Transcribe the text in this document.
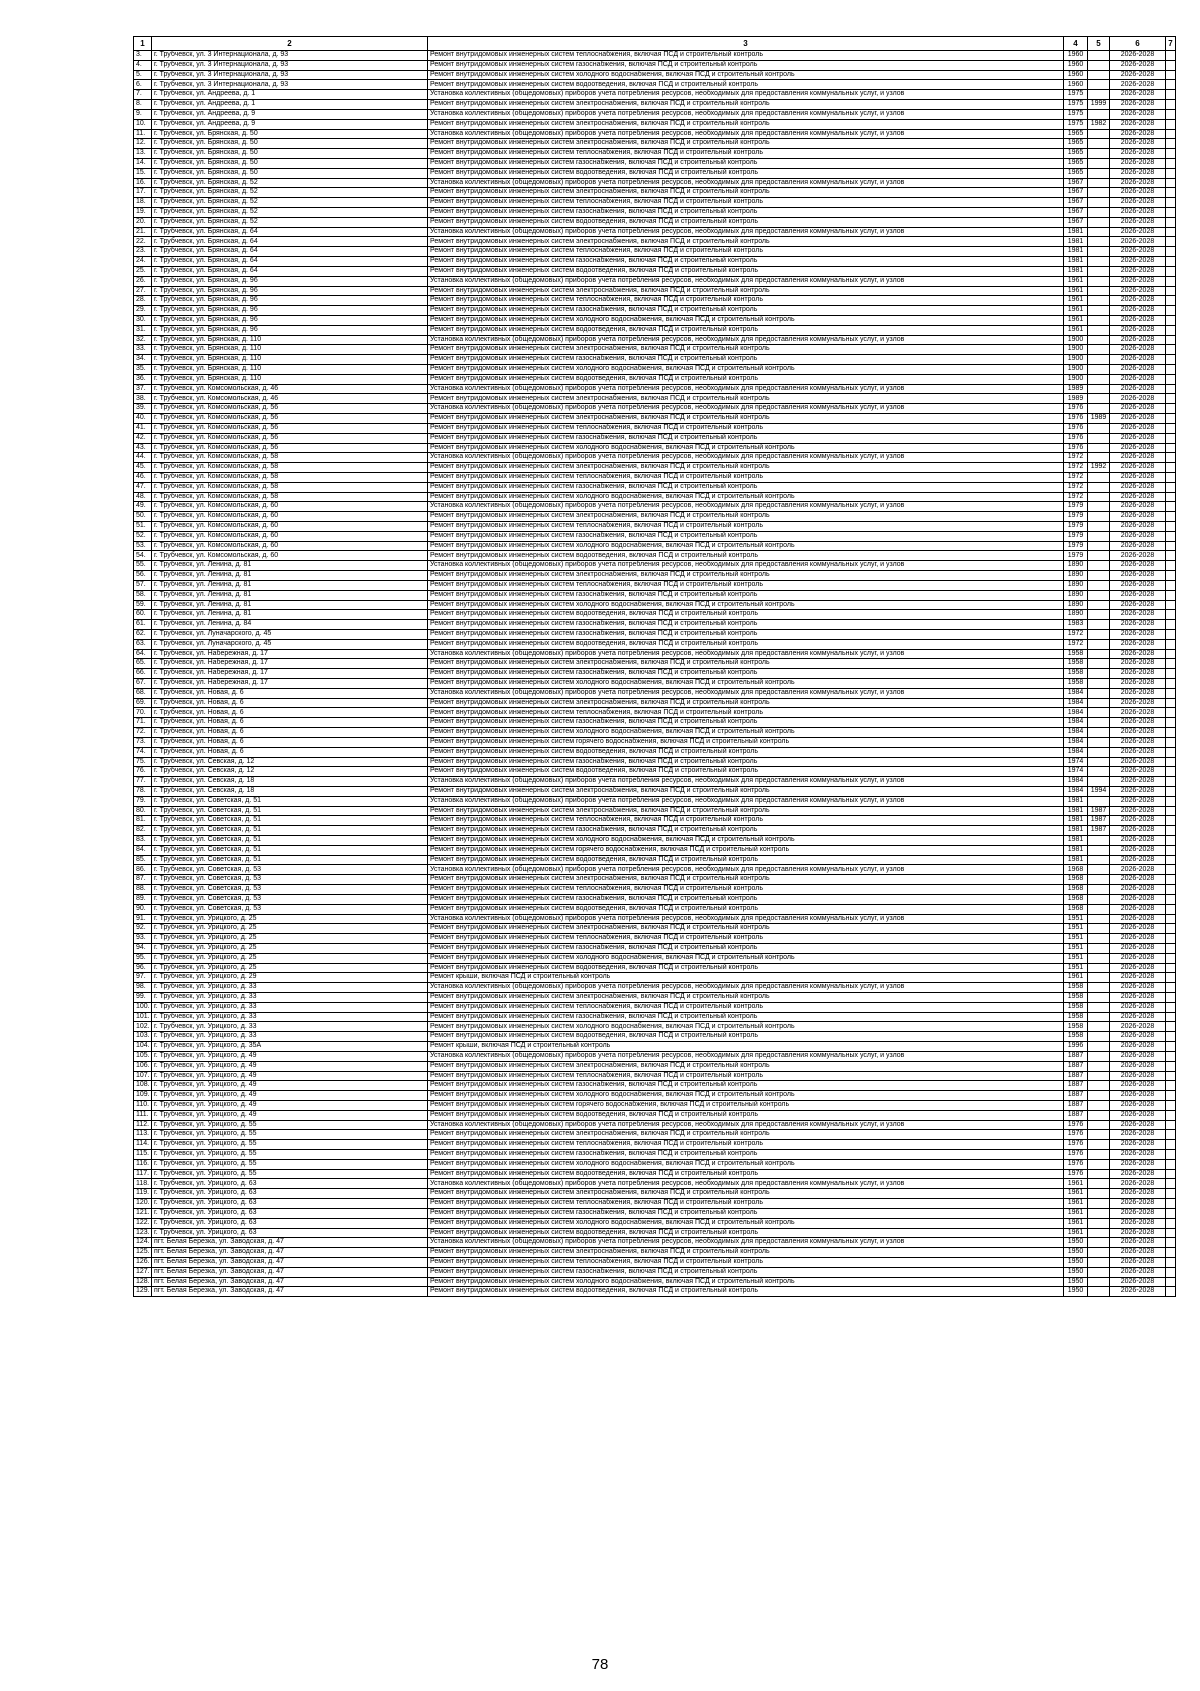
1	2	3	4	5	6	7
3.	г. Трубчевск, ул. 3 Интернационала, д. 93	Ремонт внутридомовых инженерных систем теплоснабжения, включая ПСД и строительный контроль	1960		2026-2028	
4.	г. Трубчевск, ул. 3 Интернационала, д. 93	Ремонт внутридомовых инженерных систем газоснабжения, включая ПСД и строительный контроль	1960		2026-2028	
5.	г. Трубчевск, ул. 3 Интернационала, д. 93	Ремонт внутридомовых инженерных систем холодного водоснабжения, включая ПСД и строительный контроль	1960		2026-2028	
6.	г. Трубчевск, ул. 3 Интернационала, д. 93	Ремонт внутридомовых инженерных систем водоотведения, включая ПСД и строительный контроль	1960		2026-2028	
7.	г. Трубчевск, ул. Андреева, д. 1	Установка коллективных (общедомовых) приборов учета потребления ресурсов, необходимых для предоставления коммунальных услуг, и узлов	1975		2026-2028	
8.	г. Трубчевск, ул. Андреева, д. 1	Ремонт внутридомовых инженерных систем электроснабжения, включая ПСД и строительный контроль	1975	1999	2026-2028	
9.	г. Трубчевск, ул. Андреева, д. 9	Установка коллективных (общедомовых) приборов учета потребления ресурсов, необходимых для предоставления коммунальных услуг, и узлов	1975		2026-2028	
10.	г. Трубчевск, ул. Андреева, д. 9	Ремонт внутридомовых инженерных систем электроснабжения, включая ПСД и строительный контроль	1975	1982	2026-2028	
11.	г. Трубчевск, ул. Брянская, д. 50	Установка коллективных (общедомовых) приборов учета потребления ресурсов, необходимых для предоставления коммунальных услуг, и узлов	1965		2026-2028	
12.	г. Трубчевск, ул. Брянская, д. 50	Ремонт внутридомовых инженерных систем электроснабжения, включая ПСД и строительный контроль	1965		2026-2028	
13.	г. Трубчевск, ул. Брянская, д. 50	Ремонт внутридомовых инженерных систем теплоснабжения, включая ПСД и строительный контроль	1965		2026-2028	
14.	г. Трубчевск, ул. Брянская, д. 50	Ремонт внутридомовых инженерных систем газоснабжения, включая ПСД и строительный контроль	1965		2026-2028	
15.	г. Трубчевск, ул. Брянская, д. 50	Ремонт внутридомовых инженерных систем водоотведения, включая ПСД и строительный контроль	1965		2026-2028	
16.	г. Трубчевск, ул. Брянская, д. 52	Установка коллективных (общедомовых) приборов учета потребления ресурсов, необходимых для предоставления коммунальных услуг, и узлов	1967		2026-2028	
17.	г. Трубчевск, ул. Брянская, д. 52	Ремонт внутридомовых инженерных систем электроснабжения, включая ПСД и строительный контроль	1967		2026-2028	
18.	г. Трубчевск, ул. Брянская, д. 52	Ремонт внутридомовых инженерных систем теплоснабжения, включая ПСД и строительный контроль	1967		2026-2028	
19.	г. Трубчевск, ул. Брянская, д. 52	Ремонт внутридомовых инженерных систем газоснабжения, включая ПСД и строительный контроль	1967		2026-2028	
20.	г. Трубчевск, ул. Брянская, д. 52	Ремонт внутридомовых инженерных систем водоотведения, включая ПСД и строительный контроль	1967		2026-2028	
21.	г. Трубчевск, ул. Брянская, д. 64	Установка коллективных (общедомовых) приборов учета потребления ресурсов, необходимых для предоставления коммунальных услуг, и узлов	1981		2026-2028	
22.	г. Трубчевск, ул. Брянская, д. 64	Ремонт внутридомовых инженерных систем электроснабжения, включая ПСД и строительный контроль	1981		2026-2028	
23.	г. Трубчевск, ул. Брянская, д. 64	Ремонт внутридомовых инженерных систем теплоснабжения, включая ПСД и строительный контроль	1981		2026-2028	
24.	г. Трубчевск, ул. Брянская, д. 64	Ремонт внутридомовых инженерных систем газоснабжения, включая ПСД и строительный контроль	1981		2026-2028	
25.	г. Трубчевск, ул. Брянская, д. 64	Ремонт внутридомовых инженерных систем водоотведения, включая ПСД и строительный контроль	1981		2026-2028	
26.	г. Трубчевск, ул. Брянская, д. 96	Установка коллективных (общедомовых) приборов учета потребления ресурсов, необходимых для предоставления коммунальных услуг, и узлов	1961		2026-2028	
27.	г. Трубчевск, ул. Брянская, д. 96	Ремонт внутридомовых инженерных систем электроснабжения, включая ПСД и строительный контроль	1961		2026-2028	
28.	г. Трубчевск, ул. Брянская, д. 96	Ремонт внутридомовых инженерных систем теплоснабжения, включая ПСД и строительный контроль	1961		2026-2028	
29.	г. Трубчевск, ул. Брянская, д. 96	Ремонт внутридомовых инженерных систем газоснабжения, включая ПСД и строительный контроль	1961		2026-2028	
30.	г. Трубчевск, ул. Брянская, д. 96	Ремонт внутридомовых инженерных систем холодного водоснабжения, включая ПСД и строительный контроль	1961		2026-2028	
31.	г. Трубчевск, ул. Брянская, д. 96	Ремонт внутридомовых инженерных систем водоотведения, включая ПСД и строительный контроль	1961		2026-2028	
32.	г. Трубчевск, ул. Брянская, д. 110	Установка коллективных (общедомовых) приборов учета потребления ресурсов, необходимых для предоставления коммунальных услуг, и узлов	1900		2026-2028	
33.	г. Трубчевск, ул. Брянская, д. 110	Ремонт внутридомовых инженерных систем электроснабжения, включая ПСД и строительный контроль	1900		2026-2028	
34.	г. Трубчевск, ул. Брянская, д. 110	Ремонт внутридомовых инженерных систем газоснабжения, включая ПСД и строительный контроль	1900		2026-2028	
35.	г. Трубчевск, ул. Брянская, д. 110	Ремонт внутридомовых инженерных систем холодного водоснабжения, включая ПСД и строительный контроль	1900		2026-2028	
36.	г. Трубчевск, ул. Брянская, д. 110	Ремонт внутридомовых инженерных систем водоотведения, включая ПСД и строительный контроль	1900		2026-2028	
37.	г. Трубчевск, ул. Комсомольская, д. 46	Установка коллективных (общедомовых) приборов учета потребления ресурсов, необходимых для предоставления коммунальных услуг, и узлов	1989		2026-2028	
38.	г. Трубчевск, ул. Комсомольская, д. 46	Ремонт внутридомовых инженерных систем электроснабжения, включая ПСД и строительный контроль	1989		2026-2028	
39.	г. Трубчевск, ул. Комсомольская, д. 56	Установка коллективных (общедомовых) приборов учета потребления ресурсов, необходимых для предоставления коммунальных услуг, и узлов	1976		2026-2028	
40.	г. Трубчевск, ул. Комсомольская, д. 56	Ремонт внутридомовых инженерных систем электроснабжения, включая ПСД и строительный контроль	1976	1989	2026-2028	
41.	г. Трубчевск, ул. Комсомольская, д. 56	Ремонт внутридомовых инженерных систем теплоснабжения, включая ПСД и строительный контроль	1976		2026-2028	
42.	г. Трубчевск, ул. Комсомольская, д. 56	Ремонт внутридомовых инженерных систем газоснабжения, включая ПСД и строительный контроль	1976		2026-2028	
43.	г. Трубчевск, ул. Комсомольская, д. 56	Ремонт внутридомовых инженерных систем холодного водоснабжения, включая ПСД и строительный контроль	1976		2026-2028	
44.	г. Трубчевск, ул. Комсомольская, д. 58	Установка коллективных (общедомовых) приборов учета потребления ресурсов, необходимых для предоставления коммунальных услуг, и узлов	1972		2026-2028	
45.	г. Трубчевск, ул. Комсомольская, д. 58	Ремонт внутридомовых инженерных систем электроснабжения, включая ПСД и строительный контроль	1972	1992	2026-2028	
46.	г. Трубчевск, ул. Комсомольская, д. 58	Ремонт внутридомовых инженерных систем теплоснабжения, включая ПСД и строительный контроль	1972		2026-2028	
47.	г. Трубчевск, ул. Комсомольская, д. 58	Ремонт внутридомовых инженерных систем газоснабжения, включая ПСД и строительный контроль	1972		2026-2028	
48.	г. Трубчевск, ул. Комсомольская, д. 58	Ремонт внутридомовых инженерных систем холодного водоснабжения, включая ПСД и строительный контроль	1972		2026-2028	
49.	г. Трубчевск, ул. Комсомольская, д. 60	Установка коллективных (общедомовых) приборов учета потребления ресурсов, необходимых для предоставления коммунальных услуг, и узлов	1979		2026-2028	
50.	г. Трубчевск, ул. Комсомольская, д. 60	Ремонт внутридомовых инженерных систем электроснабжения, включая ПСД и строительный контроль	1979		2026-2028	
51.	г. Трубчевск, ул. Комсомольская, д. 60	Ремонт внутридомовых инженерных систем теплоснабжения, включая ПСД и строительный контроль	1979		2026-2028	
52.	г. Трубчевск, ул. Комсомольская, д. 60	Ремонт внутридомовых инженерных систем газоснабжения, включая ПСД и строительный контроль	1979		2026-2028	
53.	г. Трубчевск, ул. Комсомольская, д. 60	Ремонт внутридомовых инженерных систем холодного водоснабжения, включая ПСД и строительный контроль	1979		2026-2028	
54.	г. Трубчевск, ул. Комсомольская, д. 60	Ремонт внутридомовых инженерных систем водоотведения, включая ПСД и строительный контроль	1979		2026-2028	
55.	г. Трубчевск, ул. Ленина, д. 81	Установка коллективных (общедомовых) приборов учета потребления ресурсов, необходимых для предоставления коммунальных услуг, и узлов	1890		2026-2028	
56.	г. Трубчевск, ул. Ленина, д. 81	Ремонт внутридомовых инженерных систем электроснабжения, включая ПСД и строительный контроль	1890		2026-2028	
57.	г. Трубчевск, ул. Ленина, д. 81	Ремонт внутридомовых инженерных систем теплоснабжения, включая ПСД и строительный контроль	1890		2026-2028	
58.	г. Трубчевск, ул. Ленина, д. 81	Ремонт внутридомовых инженерных систем газоснабжения, включая ПСД и строительный контроль	1890		2026-2028	
59.	г. Трубчевск, ул. Ленина, д. 81	Ремонт внутридомовых инженерных систем холодного водоснабжения, включая ПСД и строительный контроль	1890		2026-2028	
60.	г. Трубчевск, ул. Ленина, д. 81	Ремонт внутридомовых инженерных систем водоотведения, включая ПСД и строительный контроль	1890		2026-2028	
61.	г. Трубчевск, ул. Ленина, д. 84	Ремонт внутридомовых инженерных систем газоснабжения, включая ПСД и строительный контроль	1983		2026-2028	
62.	г. Трубчевск, ул. Луначарского, д. 45	Ремонт внутридомовых инженерных систем газоснабжения, включая ПСД и строительный контроль	1972		2026-2028	
63.	г. Трубчевск, ул. Луначарского, д. 45	Ремонт внутридомовых инженерных систем водоотведения, включая ПСД и строительный контроль	1972		2026-2028	
64.	г. Трубчевск, ул. Набережная, д. 17	Установка коллективных (общедомовых) приборов учета потребления ресурсов, необходимых для предоставления коммунальных услуг, и узлов	1958		2026-2028	
65.	г. Трубчевск, ул. Набережная, д. 17	Ремонт внутридомовых инженерных систем электроснабжения, включая ПСД и строительный контроль	1958		2026-2028	
66.	г. Трубчевск, ул. Набережная, д. 17	Ремонт внутридомовых инженерных систем газоснабжения, включая ПСД и строительный контроль	1958		2026-2028	
67.	г. Трубчевск, ул. Набережная, д. 17	Ремонт внутридомовых инженерных систем холодного водоснабжения, включая ПСД и строительный контроль	1958		2026-2028	
68.	г. Трубчевск, ул. Новая, д. 6	Установка коллективных (общедомовых) приборов учета потребления ресурсов, необходимых для предоставления коммунальных услуг, и узлов	1984		2026-2028	
69.	г. Трубчевск, ул. Новая, д. 6	Ремонт внутридомовых инженерных систем электроснабжения, включая ПСД и строительный контроль	1984		2026-2028	
70.	г. Трубчевск, ул. Новая, д. 6	Ремонт внутридомовых инженерных систем теплоснабжения, включая ПСД и строительный контроль	1984		2026-2028	
71.	г. Трубчевск, ул. Новая, д. 6	Ремонт внутридомовых инженерных систем газоснабжения, включая ПСД и строительный контроль	1984		2026-2028	
72.	г. Трубчевск, ул. Новая, д. 6	Ремонт внутридомовых инженерных систем холодного водоснабжения, включая ПСД и строительный контроль	1984		2026-2028	
73.	г. Трубчевск, ул. Новая, д. 6	Ремонт внутридомовых инженерных систем горячего водоснабжения, включая ПСД и строительный контроль	1984		2026-2028	
74.	г. Трубчевск, ул. Новая, д. 6	Ремонт внутридомовых инженерных систем водоотведения, включая ПСД и строительный контроль	1984		2026-2028	
75.	г. Трубчевск, ул. Севская, д. 12	Ремонт внутридомовых инженерных систем газоснабжения, включая ПСД и строительный контроль	1974		2026-2028	
76.	г. Трубчевск, ул. Севская, д. 12	Ремонт внутридомовых инженерных систем водоотведения, включая ПСД и строительный контроль	1974		2026-2028	
77.	г. Трубчевск, ул. Севская, д. 18	Установка коллективных (общедомовых) приборов учета потребления ресурсов, необходимых для предоставления коммунальных услуг, и узлов	1984		2026-2028	
78.	г. Трубчевск, ул. Севская, д. 18	Ремонт внутридомовых инженерных систем электроснабжения, включая ПСД и строительный контроль	1984	1994	2026-2028	
79.	г. Трубчевск, ул. Советская, д. 51	Установка коллективных (общедомовых) приборов учета потребления ресурсов, необходимых для предоставления коммунальных услуг, и узлов	1981		2026-2028	
80.	г. Трубчевск, ул. Советская, д. 51	Ремонт внутридомовых инженерных систем электроснабжения, включая ПСД и строительный контроль	1981	1987	2026-2028	
81.	г. Трубчевск, ул. Советская, д. 51	Ремонт внутридомовых инженерных систем теплоснабжения, включая ПСД и строительный контроль	1981	1987	2026-2028	
82.	г. Трубчевск, ул. Советская, д. 51	Ремонт внутридомовых инженерных систем газоснабжения, включая ПСД и строительный контроль	1981	1987	2026-2028	
83.	г. Трубчевск, ул. Советская, д. 51	Ремонт внутридомовых инженерных систем холодного водоснабжения, включая ПСД и строительный контроль	1981		2026-2028	
84.	г. Трубчевск, ул. Советская, д. 51	Ремонт внутридомовых инженерных систем горячего водоснабжения, включая ПСД и строительный контроль	1981		2026-2028	
85.	г. Трубчевск, ул. Советская, д. 51	Ремонт внутридомовых инженерных систем водоотведения, включая ПСД и строительный контроль	1981		2026-2028	
86.	г. Трубчевск, ул. Советская, д. 53	Установка коллективных (общедомовых) приборов учета потребления ресурсов, необходимых для предоставления коммунальных услуг, и узлов	1968		2026-2028	
87.	г. Трубчевск, ул. Советская, д. 53	Ремонт внутридомовых инженерных систем электроснабжения, включая ПСД и строительный контроль	1968		2026-2028	
88.	г. Трубчевск, ул. Советская, д. 53	Ремонт внутридомовых инженерных систем теплоснабжения, включая ПСД и строительный контроль	1968		2026-2028	
89.	г. Трубчевск, ул. Советская, д. 53	Ремонт внутридомовых инженерных систем газоснабжения, включая ПСД и строительный контроль	1968		2026-2028	
90.	г. Трубчевск, ул. Советская, д. 53	Ремонт внутридомовых инженерных систем водоотведения, включая ПСД и строительный контроль	1968		2026-2028	
91.	г. Трубчевск, ул. Урицкого, д. 25	Установка коллективных (общедомовых) приборов учета потребления ресурсов, необходимых для предоставления коммунальных услуг, и узлов	1951		2026-2028	
92.	г. Трубчевск, ул. Урицкого, д. 25	Ремонт внутридомовых инженерных систем электроснабжения, включая ПСД и строительный контроль	1951		2026-2028	
93.	г. Трубчевск, ул. Урицкого, д. 25	Ремонт внутридомовых инженерных систем теплоснабжения, включая ПСД и строительный контроль	1951		2026-2028	
94.	г. Трубчевск, ул. Урицкого, д. 25	Ремонт внутридомовых инженерных систем газоснабжения, включая ПСД и строительный контроль	1951		2026-2028	
95.	г. Трубчевск, ул. Урицкого, д. 25	Ремонт внутридомовых инженерных систем холодного водоснабжения, включая ПСД и строительный контроль	1951		2026-2028	
96.	г. Трубчевск, ул. Урицкого, д. 25	Ремонт внутридомовых инженерных систем водоотведения, включая ПСД и строительный контроль	1951		2026-2028	
97.	г. Трубчевск, ул. Урицкого, д. 29	Ремонт крыши, включая ПСД и строительный контроль	1961		2026-2028	
98.	г. Трубчевск, ул. Урицкого, д. 33	Установка коллективных (общедомовых) приборов учета потребления ресурсов, необходимых для предоставления коммунальных услуг, и узлов	1958		2026-2028	
99.	г. Трубчевск, ул. Урицкого, д. 33	Ремонт внутридомовых инженерных систем электроснабжения, включая ПСД и строительный контроль	1958		2026-2028	
100.	г. Трубчевск, ул. Урицкого, д. 33	Ремонт внутридомовых инженерных систем теплоснабжения, включая ПСД и строительный контроль	1958		2026-2028	
101.	г. Трубчевск, ул. Урицкого, д. 33	Ремонт внутридомовых инженерных систем газоснабжения, включая ПСД и строительный контроль	1958		2026-2028	
102.	г. Трубчевск, ул. Урицкого, д. 33	Ремонт внутридомовых инженерных систем холодного водоснабжения, включая ПСД и строительный контроль	1958		2026-2028	
103.	г. Трубчевск, ул. Урицкого, д. 33	Ремонт внутридомовых инженерных систем водоотведения, включая ПСД и строительный контроль	1958		2026-2028	
104.	г. Трубчевск, ул. Урицкого, д. 35А	Ремонт крыши, включая ПСД и строительный контроль	1996		2026-2028	
105.	г. Трубчевск, ул. Урицкого, д. 49	Установка коллективных (общедомовых) приборов учета потребления ресурсов, необходимых для предоставления коммунальных услуг, и узлов	1887		2026-2028	
106.	г. Трубчевск, ул. Урицкого, д. 49	Ремонт внутридомовых инженерных систем электроснабжения, включая ПСД и строительный контроль	1887		2026-2028	
107.	г. Трубчевск, ул. Урицкого, д. 49	Ремонт внутридомовых инженерных систем теплоснабжения, включая ПСД и строительный контроль	1887		2026-2028	
108.	г. Трубчевск, ул. Урицкого, д. 49	Ремонт внутридомовых инженерных систем газоснабжения, включая ПСД и строительный контроль	1887		2026-2028	
109.	г. Трубчевск, ул. Урицкого, д. 49	Ремонт внутридомовых инженерных систем холодного водоснабжения, включая ПСД и строительный контроль	1887		2026-2028	
110.	г. Трубчевск, ул. Урицкого, д. 49	Ремонт внутридомовых инженерных систем горячего водоснабжения, включая ПСД и строительный контроль	1887		2026-2028	
111.	г. Трубчевск, ул. Урицкого, д. 49	Ремонт внутридомовых инженерных систем водоотведения, включая ПСД и строительный контроль	1887		2026-2028	
112.	г. Трубчевск, ул. Урицкого, д. 55	Установка коллективных (общедомовых) приборов учета потребления ресурсов, необходимых для предоставления коммунальных услуг, и узлов	1976		2026-2028	
113.	г. Трубчевск, ул. Урицкого, д. 55	Ремонт внутридомовых инженерных систем электроснабжения, включая ПСД и строительный контроль	1976		2026-2028	
114.	г. Трубчевск, ул. Урицкого, д. 55	Ремонт внутридомовых инженерных систем теплоснабжения, включая ПСД и строительный контроль	1976		2026-2028	
115.	г. Трубчевск, ул. Урицкого, д. 55	Ремонт внутридомовых инженерных систем газоснабжения, включая ПСД и строительный контроль	1976		2026-2028	
116.	г. Трубчевск, ул. Урицкого, д. 55	Ремонт внутридомовых инженерных систем холодного водоснабжения, включая ПСД и строительный контроль	1976		2026-2028	
117.	г. Трубчевск, ул. Урицкого, д. 55	Ремонт внутридомовых инженерных систем водоотведения, включая ПСД и строительный контроль	1976		2026-2028	
118.	г. Трубчевск, ул. Урицкого, д. 63	Установка коллективных (общедомовых) приборов учета потребления ресурсов, необходимых для предоставления коммунальных услуг, и узлов	1961		2026-2028	
119.	г. Трубчевск, ул. Урицкого, д. 63	Ремонт внутридомовых инженерных систем электроснабжения, включая ПСД и строительный контроль	1961		2026-2028	
120.	г. Трубчевск, ул. Урицкого, д. 63	Ремонт внутридомовых инженерных систем теплоснабжения, включая ПСД и строительный контроль	1961		2026-2028	
121.	г. Трубчевск, ул. Урицкого, д. 63	Ремонт внутридомовых инженерных систем газоснабжения, включая ПСД и строительный контроль	1961		2026-2028	
122.	г. Трубчевск, ул. Урицкого, д. 63	Ремонт внутридомовых инженерных систем холодного водоснабжения, включая ПСД и строительный контроль	1961		2026-2028	
123.	г. Трубчевск, ул. Урицкого, д. 63	Ремонт внутридомовых инженерных систем водоотведения, включая ПСД и строительный контроль	1961		2026-2028	
124.	пгт. Белая Березка, ул. Заводская, д. 47	Установка коллективных (общедомовых) приборов учета потребления ресурсов, необходимых для предоставления коммунальных услуг, и узлов	1950		2026-2028	
125.	пгт. Белая Березка, ул. Заводская, д. 47	Ремонт внутридомовых инженерных систем электроснабжения, включая ПСД и строительный контроль	1950		2026-2028	
126.	пгт. Белая Березка, ул. Заводская, д. 47	Ремонт внутридомовых инженерных систем теплоснабжения, включая ПСД и строительный контроль	1950		2026-2028	
127.	пгт. Белая Березка, ул. Заводская, д. 47	Ремонт внутридомовых инженерных систем газоснабжения, включая ПСД и строительный контроль	1950		2026-2028	
128.	пгт. Белая Березка, ул. Заводская, д. 47	Ремонт внутридомовых инженерных систем холодного водоснабжения, включая ПСД и строительный контроль	1950		2026-2028	
129.	пгт. Белая Березка, ул. Заводская, д. 47	Ремонт внутридомовых инженерных систем водоотведения, включая ПСД и строительный контроль	1950		2026-2028	
78
